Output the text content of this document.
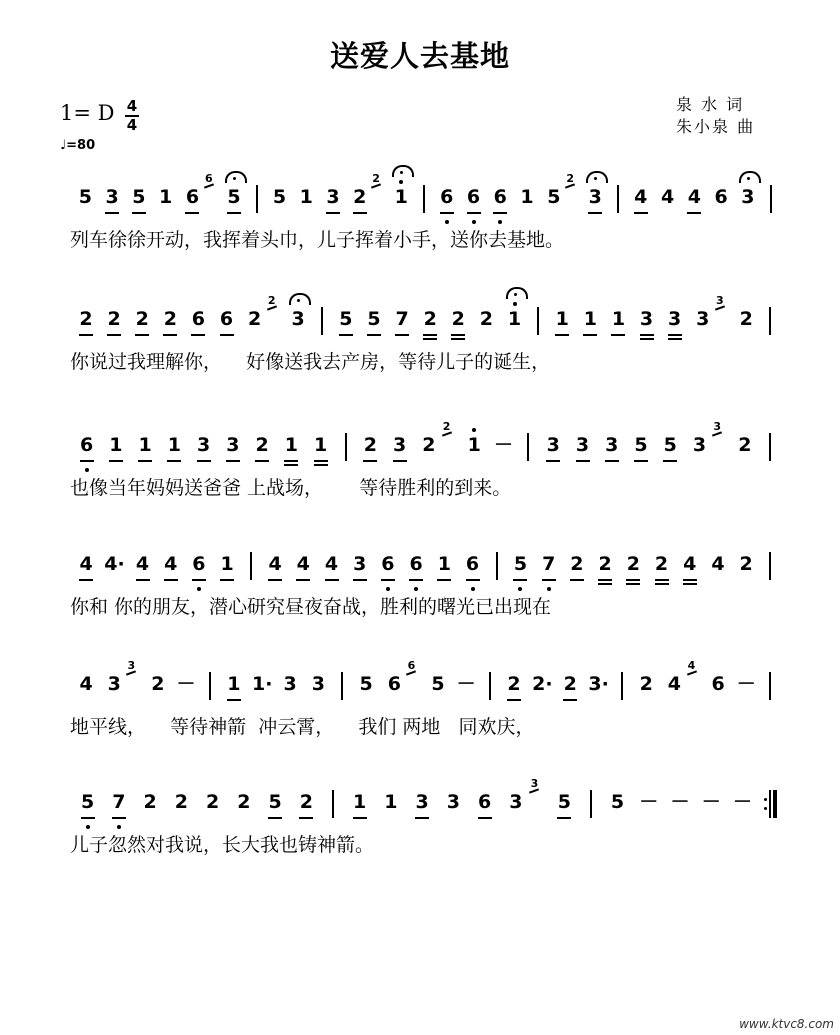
送爱人去基地
1= D 4
4
♩=80
泉 水 词
朱小泉 曲
5 3 5 1 6
6
5 5 1 3 2
2
1 6 6 6 1 5
2
3 4 4 4 6 3
列车徐徐开动，我挥着头巾，儿子挥着小手，送你去基地。
2 2 2 2 6 6 2
2
3 5 5 7 2 2 2 1 1 1 1 3 3 3
3
2
你说过我理解你，    好像送我去产房，等待儿子的诞生，
6 1 1 1 3 3 2 1 1 2 3 2
2
1 － 3 3 3 5 5 3
3
2
也像当年妈妈送爸爸 上战场，      等待胜利的到来。
4 4· 4 4 6 1 4 4 4 3 6 6 1 6 5 7 2 2 2 2 4 4 2
你和 你的朋友，潜心研究昼夜奋战，胜利的曙光已出现在
4 3
3
2 － 1 1· 3 3 5 6
6
5 － 2 2· 2 3· 2 4
4
6 －
地平线，    等待神箭  冲云霄，    我们 两地   同欢庆，
5 7 2 2 2 2 5 2 1 1 3 3 6 3
3
5 5 － － － －
儿子忽然对我说，长大我也铸神箭。
www.ktvc8.com
